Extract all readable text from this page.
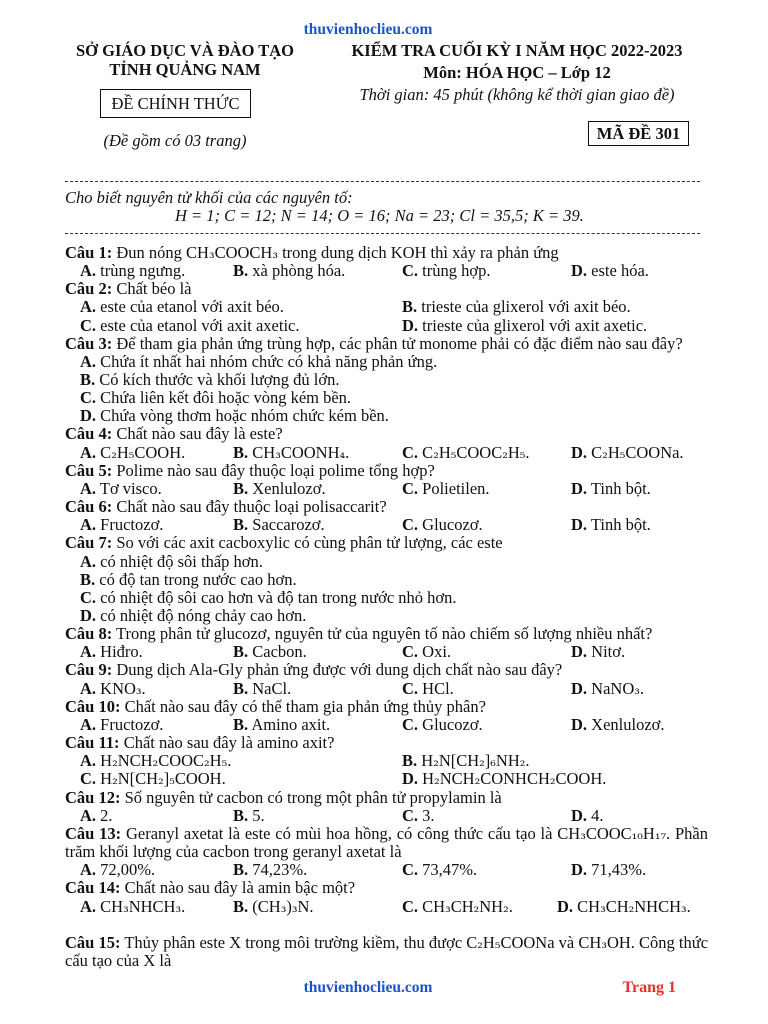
thuvienhoclieu.com
SỞ GIÁO DỤC VÀ ĐÀO TẠO
TỈNH QUẢNG NAM
ĐỀ CHÍNH THỨC
(Đề gồm có 03 trang)
KIỂM TRA CUỐI KỲ I NĂM HỌC 2022-2023
Môn: HÓA HỌC – Lớp 12
Thời gian: 45 phút (không kể thời gian giao đề)
MÃ ĐỀ 301
Cho biết nguyên tử khối của các nguyên tố:
H = 1; C = 12; N = 14; O = 16; Na = 23; Cl = 35,5; K = 39.
Câu 1: Đun nóng CH₃COOCH₃ trong dung dịch KOH thì xảy ra phản ứng
A. trùng ngưng.	B. xà phòng hóa.	C. trùng hợp.	D. este hóa.
Câu 2: Chất béo là
A. este của etanol với axit béo.	B. trieste của glixerol với axit béo.
C. este của etanol với axit axetic.	D. trieste của glixerol với axit axetic.
Câu 3: Để tham gia phản ứng trùng hợp, các phân tử monome phải có đặc điểm nào sau đây?
A. Chứa ít nhất hai nhóm chức có khả năng phản ứng.
B. Có kích thước và khối lượng đủ lớn.
C. Chứa liên kết đôi hoặc vòng kém bền.
D. Chứa vòng thơm hoặc nhóm chức kém bền.
Câu 4: Chất nào sau đây là este?
A. C₂H₅COOH.	B. CH₃COONH₄.	C. C₂H₅COOC₂H₅.	D. C₂H₅COONa.
Câu 5: Polime nào sau đây thuộc loại polime tổng hợp?
A. Tơ visco.	B. Xenlulozơ.	C. Polietilen.	D. Tinh bột.
Câu 6: Chất nào sau đây thuộc loại polisaccarit?
A. Fructozơ.	B. Saccarozơ.	C. Glucozơ.	D. Tinh bột.
Câu 7: So với các axit cacboxylic có cùng phân tử lượng, các este
A. có nhiệt độ sôi thấp hơn.
B. có độ tan trong nước cao hơn.
C. có nhiệt độ sôi cao hơn và độ tan trong nước nhỏ hơn.
D. có nhiệt độ nóng chảy cao hơn.
Câu 8: Trong phân tử glucozơ, nguyên tử của nguyên tố nào chiếm số lượng nhiều nhất?
A. Hiđro.	B. Cacbon.	C. Oxi.	D. Nitơ.
Câu 9: Dung dịch Ala-Gly phản ứng được với dung dịch chất nào sau đây?
A. KNO₃.	B. NaCl.	C. HCl.	D. NaNO₃.
Câu 10: Chất nào sau đây có thể tham gia phản ứng thủy phân?
A. Fructozơ.	B. Amino axit.	C. Glucozơ.	D. Xenlulozơ.
Câu 11: Chất nào sau đây là amino axit?
A. H₂NCH₂COOC₂H₅.	B. H₂N[CH₂]₆NH₂.
C. H₂N[CH₂]₅COOH.	D. H₂NCH₂CONHCH₂COOH.
Câu 12: Số nguyên tử cacbon có trong một phân tử propylamin là
A. 2.	B. 5.	C. 3.	D. 4.
Câu 13: Geranyl axetat là este có mùi hoa hồng, có công thức cấu tạo là CH₃COOC₁₀H₁₇. Phần trăm khối lượng của cacbon trong geranyl axetat là
A. 72,00%.	B. 74,23%.	C. 73,47%.	D. 71,43%.
Câu 14: Chất nào sau đây là amin bậc một?
A. CH₃NHCH₃.	B. (CH₃)₃N.	C. CH₃CH₂NH₂.	D. CH₃CH₂NHCH₃.
Câu 15: Thủy phân este X trong môi trường kiềm, thu được C₂H₅COONa và CH₃OH. Công thức cấu tạo của X là
thuvienhoclieu.com	Trang 1
